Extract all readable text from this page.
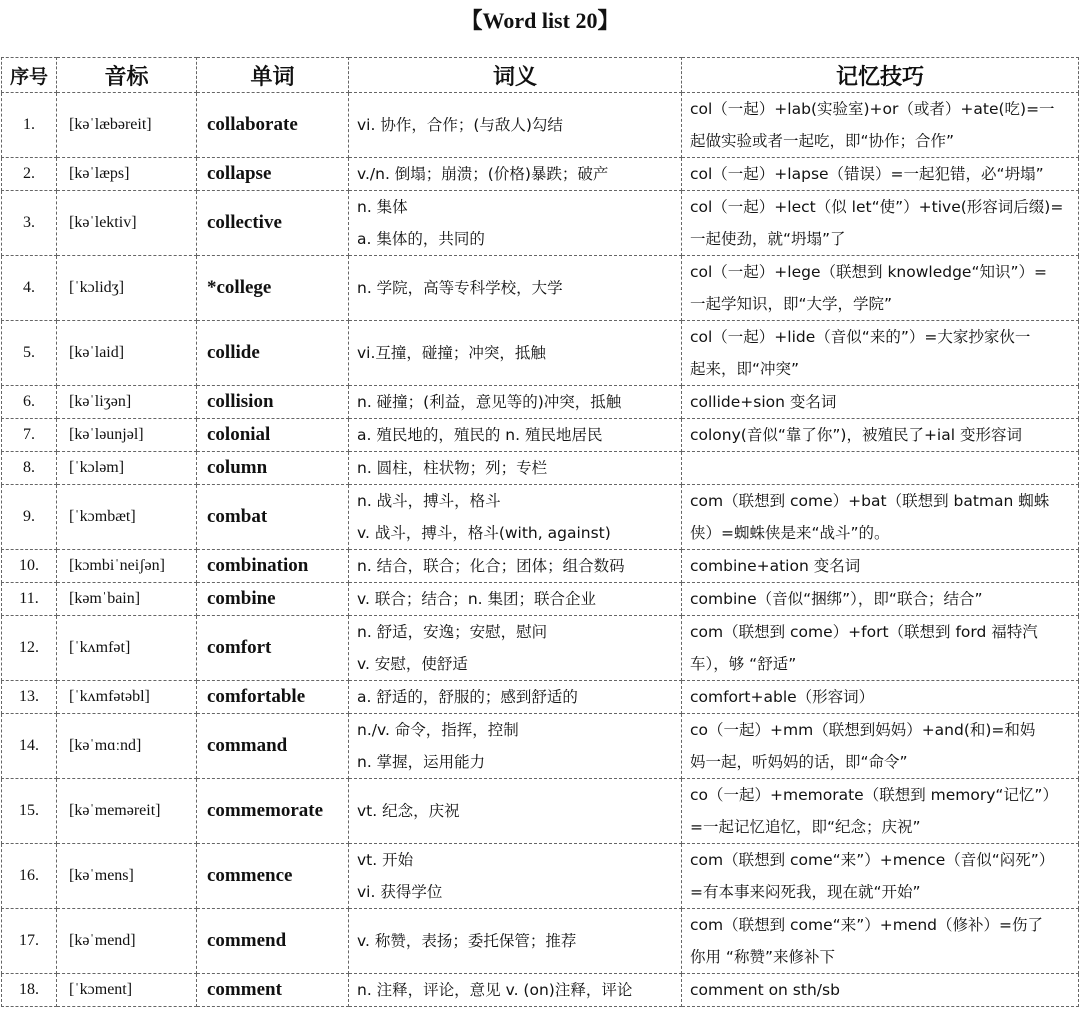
【Word list 20】
序号	音标	单词	词义	记忆技巧
1.	[kəˈlæbəreit]	collaborate	vi. 协作，合作；(与敌人)勾结	col（一起）+lab(实验室)+or（或者）+ate(吃)=一
起做实验或者一起吃，即“协作；合作”

2.	[kəˈlæps]	collapse	v./n. 倒塌；崩溃；(价格)暴跌；破产	col（一起）+lapse（错误）=一起犯错，必“坍塌”

3.	[kəˈlektiv]	collective	n. 集体
a. 集体的，共同的	col（一起）+lect（似 let“使”）+tive(形容词后缀)=
一起使劲，就“坍塌”了

4.	[ˈkɔlidʒ]	*college	n. 学院，高等专科学校，大学	col（一起）+lege（联想到 knowledge“知识”）=
一起学知识，即“大学，学院”

5.	[kəˈlaid]	collide	vi.互撞，碰撞；冲突，抵触	col（一起）+lide（音似“来的”）=大家抄家伙一
起来，即“冲突”

6.	[kəˈliʒən]	collision	n. 碰撞；(利益，意见等的)冲突，抵触	collide+sion 变名词

7.	[kəˈləunjəl]	colonial	a. 殖民地的，殖民的 n. 殖民地居民	colony(音似“靠了你”)，被殖民了+ial 变形容词

8.	[ˈkɔləm]	column	n. 圆柱，柱状物；列；专栏	

9.	[ˈkɔmbæt]	combat	n. 战斗，搏斗，格斗
v. 战斗，搏斗，格斗(with, against)	com（联想到 come）+bat（联想到 batman 蜘蛛
侠）=蜘蛛侠是来“战斗”的。

10.	[kɔmbiˈneiʃən]	combination	n. 结合，联合；化合；团体；组合数码	combine+ation 变名词

11.	[kəmˈbain]	combine	v. 联合；结合；n. 集团；联合企业	combine（音似“捆绑”），即“联合；结合”

12.	[ˈkʌmfət]	comfort	n. 舒适，安逸；安慰，慰问
v. 安慰，使舒适	com（联想到 come）+fort（联想到 ford 福特汽
车），够 “舒适”

13.	[ˈkʌmfətəbl]	comfortable	a. 舒适的，舒服的；感到舒适的	comfort+able（形容词）

14.	[kəˈmɑːnd]	command	n./v. 命令，指挥，控制
n. 掌握，运用能力	co（一起）+mm（联想到妈妈）+and(和)=和妈
妈一起，听妈妈的话，即“命令”

15.	[kəˈmeməreit]	commemorate	vt. 纪念，庆祝	co（一起）+memorate（联想到 memory“记忆”）
=一起记忆追忆，即“纪念；庆祝”

16.	[kəˈmens]	commence	vt. 开始
vi. 获得学位	com（联想到 come“来”）+mence（音似“闷死”）
=有本事来闷死我，现在就“开始”

17.	[kəˈmend]	commend	v. 称赞，表扬；委托保管；推荐	com（联想到 come“来”）+mend（修补）=伤了
你用 “称赞”来修补下

18.	[ˈkɔment]	comment	n. 注释，评论，意见 v. (on)注释，评论	comment on sth/sb
